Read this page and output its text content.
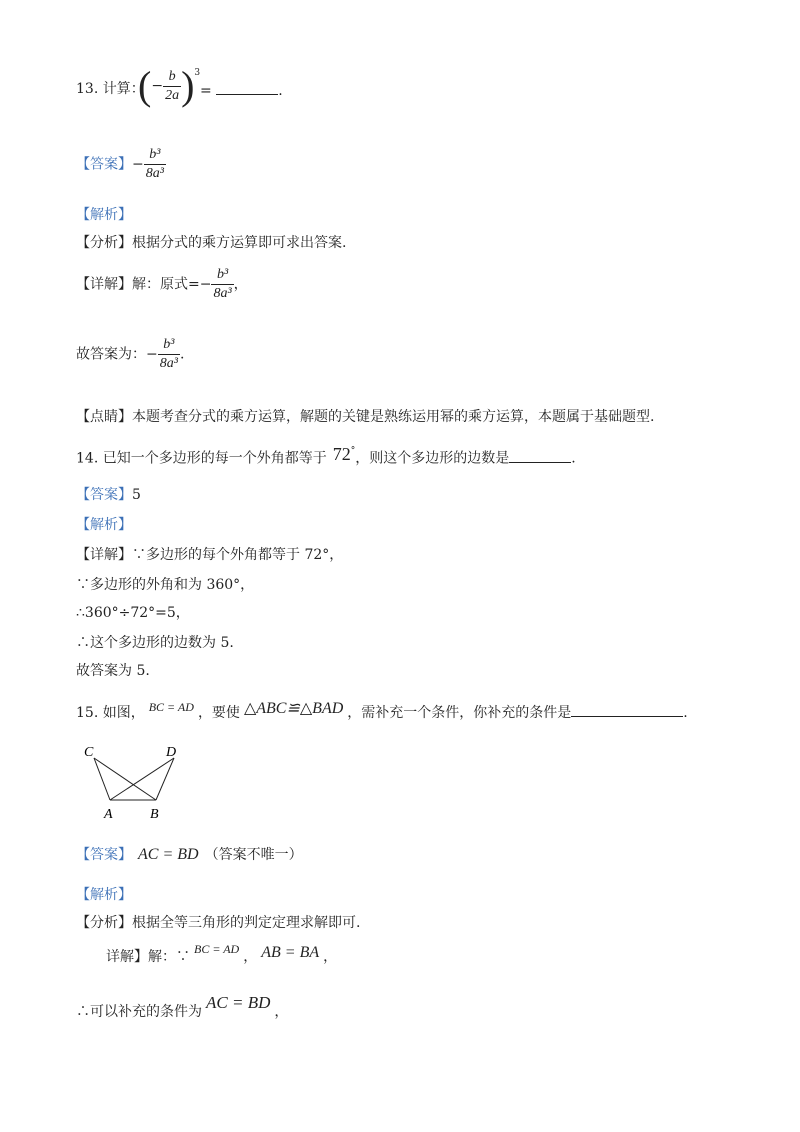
13. 计算：
(− $\frac{b}{2a} )^3$
=	.
【答案】− $\frac{\text{b³}}{\text{8a³}}$
【解析】
【分析】根据分式的乘方运算即可求出答案.
【详解】解：原式=− $\frac{\text{b³}}{\text{8a³}}$ ，
故答案为：− $\frac{\text{b³}}{\text{8a³}}$ .
【点睛】本题考查分式的乘方运算，解题的关键是熟练运用幂的乘方运算，本题属于基础题型.
14. 已知一个多边形的每一个外角都等于 72°，则这个多边形的边数是	.
【答案】5
【解析】
【详解】∵多边形的每个外角都等于 72°，
∵多边形的外角和为 360°，
∴360°÷72°=5，
∴这个多边形的边数为 5.
故答案为 5.
15. 如图， BC = AD ，要使 △ABC≌△BAD ，需补充一个条件，你补充的条件是	.
C	D
A	B
【答案】 AC = BD （答案不唯一）
【解析】
【分析】根据全等三角形的判定定理求解即可.
详解】解：∵ BC = AD ， AB = BA ，
∴可以补充的条件为 AC = BD ，
